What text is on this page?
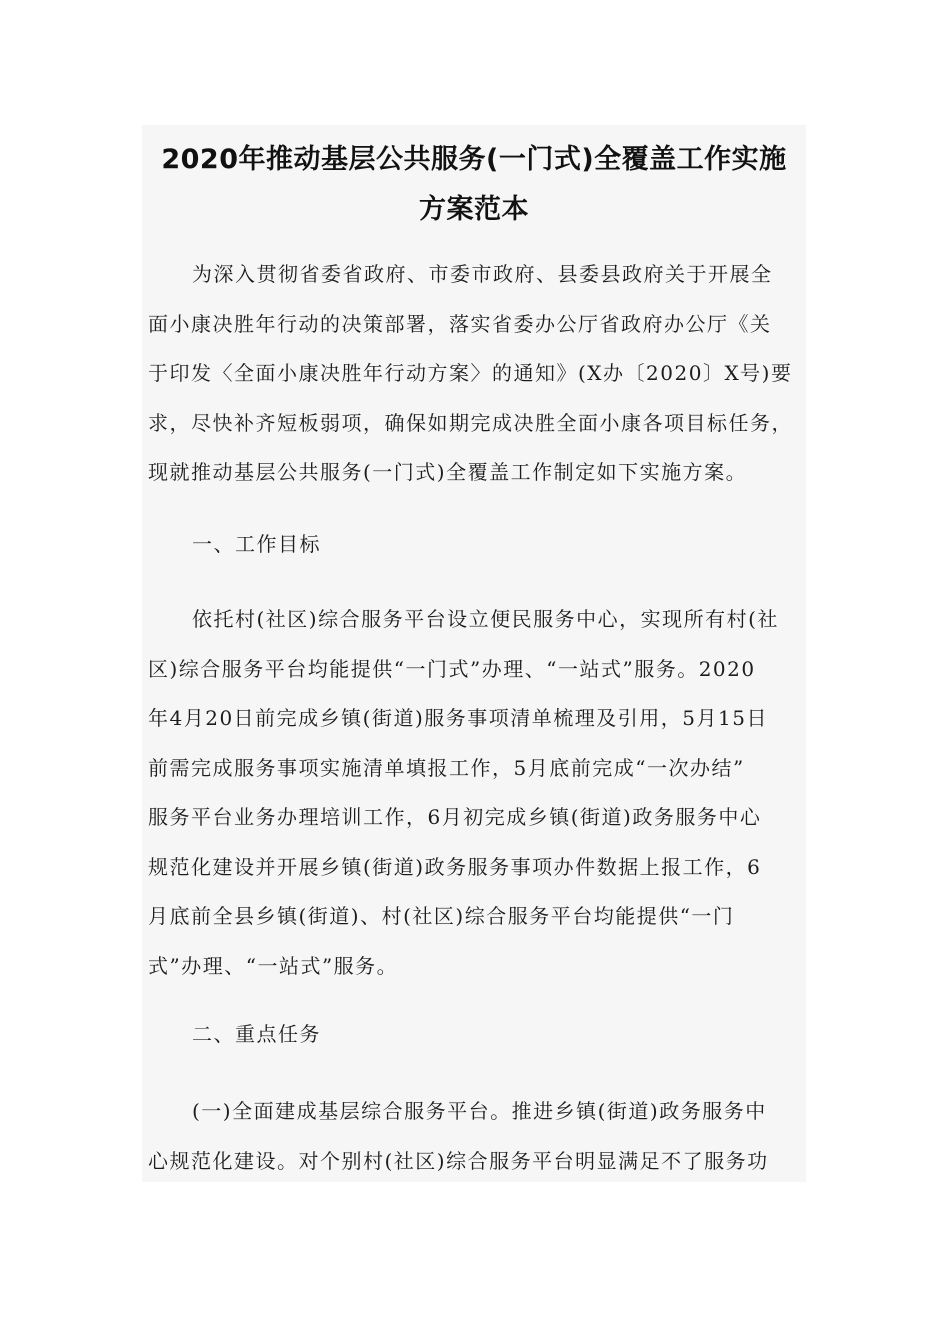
2020年推动基层公共服务(一门式)全覆盖工作实施
方案范本
为深入贯彻省委省政府、市委市政府、县委县政府关于开展全
面小康决胜年行动的决策部署，落实省委办公厅省政府办公厅《关
于印发〈全面小康决胜年行动方案〉的通知》(X办〔2020〕X号)要
求，尽快补齐短板弱项，确保如期完成决胜全面小康各项目标任务，
现就推动基层公共服务(一门式)全覆盖工作制定如下实施方案。

一、工作目标

依托村(社区)综合服务平台设立便民服务中心，实现所有村(社
区)综合服务平台均能提供“一门式”办理、“一站式”服务。2020
年4月20日前完成乡镇(街道)服务事项清单梳理及引用，5月15日
前需完成服务事项实施清单填报工作，5月底前完成“一次办结”
服务平台业务办理培训工作，6月初完成乡镇(街道)政务服务中心
规范化建设并开展乡镇(街道)政务服务事项办件数据上报工作，6
月底前全县乡镇(街道)、村(社区)综合服务平台均能提供“一门
式”办理、“一站式”服务。

二、重点任务

(一)全面建成基层综合服务平台。推进乡镇(街道)政务服务中
心规范化建设。对个别村(社区)综合服务平台明显满足不了服务功
